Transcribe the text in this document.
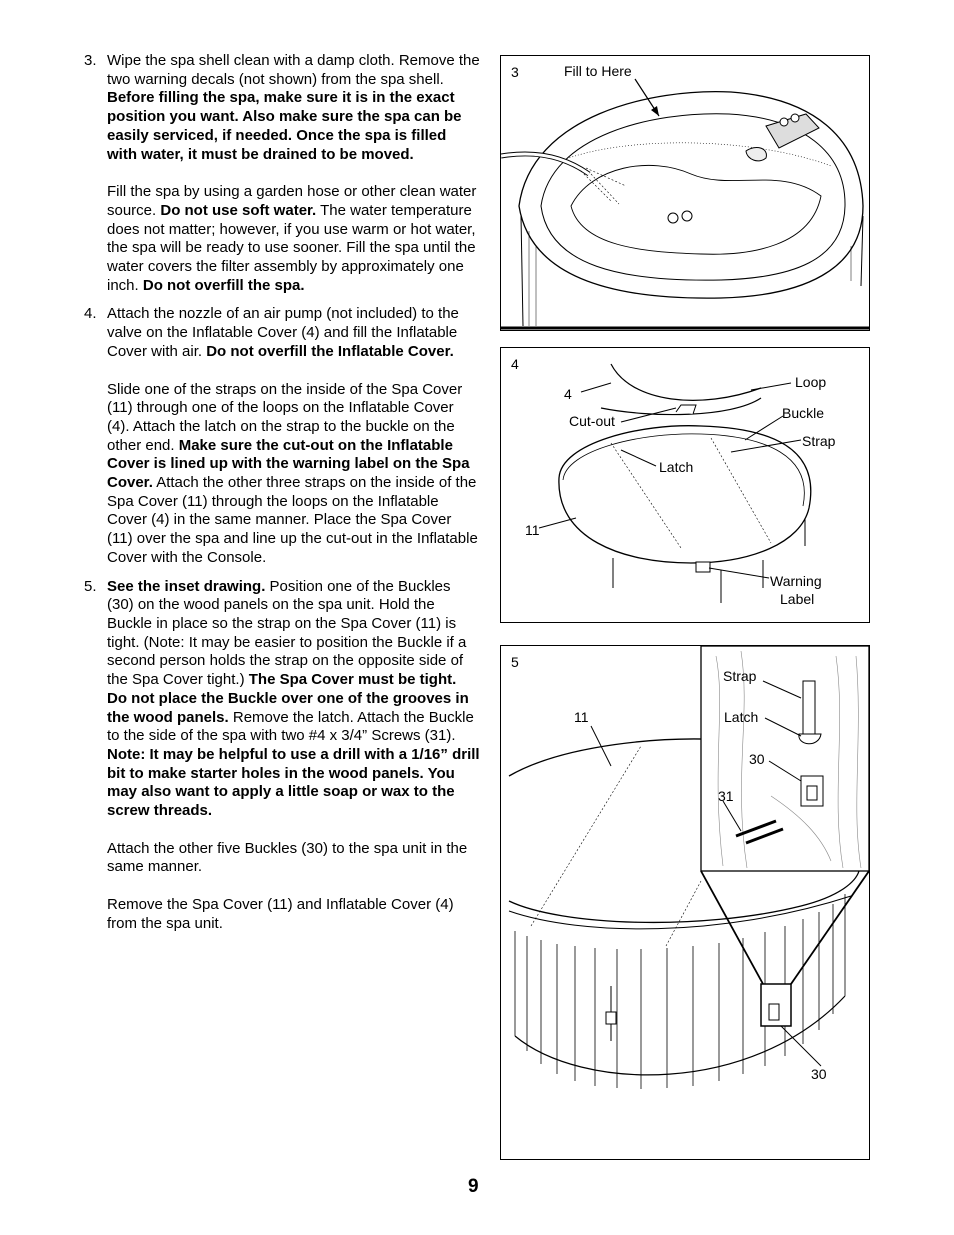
3. Wipe the spa shell clean with a damp cloth. Remove the two warning decals (not shown) from the spa shell. Before filling the spa, make sure it is in the exact position you want. Also make sure the spa can be easily serviced, if needed. Once the spa is filled with water, it must be drained to be moved.

Fill the spa by using a garden hose or other clean water source. Do not use soft water. The water temperature does not matter; however, if you use warm or hot water, the spa will be ready to use sooner. Fill the spa until the water covers the filter assembly by approximately one inch. Do not overfill the spa.

4. Attach the nozzle of an air pump (not included) to the valve on the Inflatable Cover (4) and fill the Inflatable Cover with air. Do not overfill the Inflatable Cover.

Slide one of the straps on the inside of the Spa Cover (11) through one of the loops on the Inflatable Cover (4). Attach the latch on the strap to the buckle on the other end. Make sure the cut-out on the Inflatable Cover is lined up with the warning label on the Spa Cover. Attach the other three straps on the inside of the Spa Cover (11) through the loops on the Inflatable Cover (4) in the same manner. Place the Spa Cover (11) over the spa and line up the cut-out in the Inflatable Cover with the Console.

5. See the inset drawing. Position one of the Buckles (30) on the wood panels on the spa unit. Hold the Buckle in place so the strap on the Spa Cover (11) is tight. (Note: It may be easier to position the Buckle if a second person holds the strap on the opposite side of the Spa Cover tight.) The Spa Cover must be tight. Do not place the Buckle over one of the grooves in the wood panels. Remove the latch. Attach the Buckle to the side of the spa with two #4 x 3/4” Screws (31). Note: It may be helpful to use a drill with a 1/16” drill bit to make starter holes in the wood panels. You may also want to apply a little soap or wax to the screw threads.

Attach the other five Buckles (30) to the spa unit in the same manner.

Remove the Spa Cover (11) and Inflatable Cover (4) from the spa unit.

3	Fill to Here
4
4
Loop
Cut-out	Buckle
Strap
Latch
11
Warning
Label
5
Strap
11	Latch
30
31
30
9
